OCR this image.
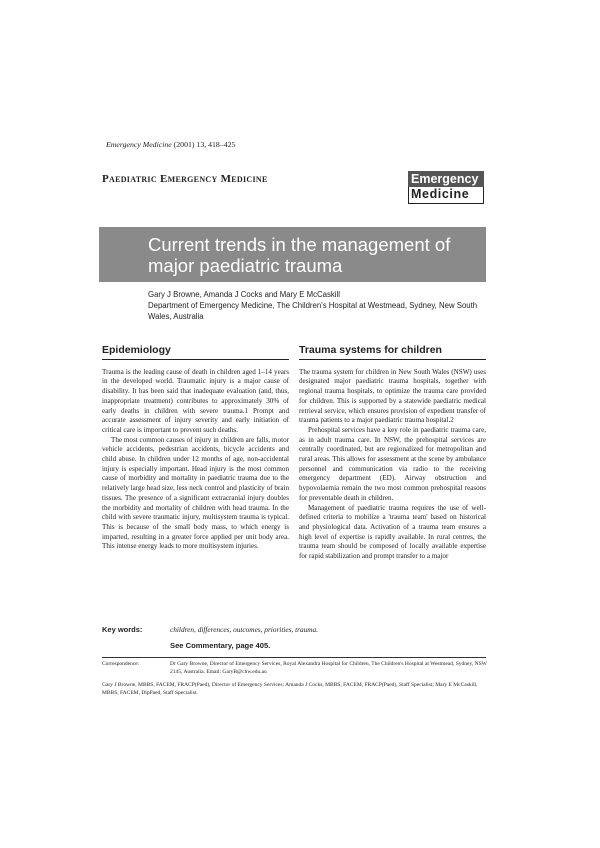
Emergency Medicine (2001) 13, 418–425
Paediatric Emergency Medicine	Emergency
Medicine
Current trends in the management of
major paediatric trauma
Gary J Browne, Amanda J Cocks and Mary E McCaskill
Department of Emergency Medicine, The Children's Hospital at Westmead, Sydney, New South Wales, Australia
Epidemiology

Trauma is the leading cause of death in children aged 1–14 years in the developed world. Traumatic injury is a major cause of disability. It has been said that inadequate evaluation (and, thus, inappropriate treatment) contributes to approximately 30% of early deaths in children with severe trauma.1 Prompt and accurate assessment of injury severity and early initiation of critical care is important to prevent such deaths.

The most common causes of injury in children are falls, motor vehicle accidents, pedestrian accidents, bicycle accidents and child abuse. In children under 12 months of age, non-accidental injury is especially important. Head injury is the most common cause of morbidity and mortality in paediatric trauma due to the relatively large head size, less neck control and plasticity of brain tissues. The presence of a significant extracranial injury doubles the morbidity and mortality of children with head trauma. In the child with severe traumatic injury, multisystem trauma is typical. This is because of the small body mass, to which energy is imparted, resulting in a greater force applied per unit body area. This intense energy leads to more multisystem injuries.

Trauma systems for children

The trauma system for children in New South Wales (NSW) uses designated major paediatric trauma hospitals, together with regional trauma hospitals, to optimize the trauma care provided for children. This is supported by a statewide paediatric medical retrieval service, which ensures provision of expedient transfer of trauma patients to a major paediatric trauma hospital.2

Prehospital services have a key role in paediatric trauma care, as in adult trauma care. In NSW, the prehospital services are centrally coordinated, but are regionalized for metropolitan and rural areas. This allows for assessment at the scene by ambulance personnel and communication via radio to the receiving emergency department (ED). Airway obstruction and hypovolaemia remain the two most common prehospital reasons for preventable death in children.

Management of paediatric trauma requires the use of well-defined criteria to mobilize a 'trauma team' based on historical and physiological data. Activation of a trauma team ensures a high level of expertise is rapidly available. In rural centres, the trauma team should be composed of locally available expertise for rapid stabilization and prompt transfer to a major

Key words:	children, differences, outcomes, priorities, trauma.
See Commentary, page 405.
Correspondence:	Dr Gary Browne, Director of Emergency Services, Royal Alexandra Hospital for Children, The Children's Hospital at Westmead, Sydney, NSW 2145, Australia. Email: GaryB@chw.edu.au
Gary J Browne, MBBS, FACEM, FRACP(Paed), Director of Emergency Services; Amanda J Cocks, MBBS, FACEM, FRACP(Paed), Staff Specialist; Mary E McCaskill, MBBS, FACEM, DipPaed, Staff Specialist.
